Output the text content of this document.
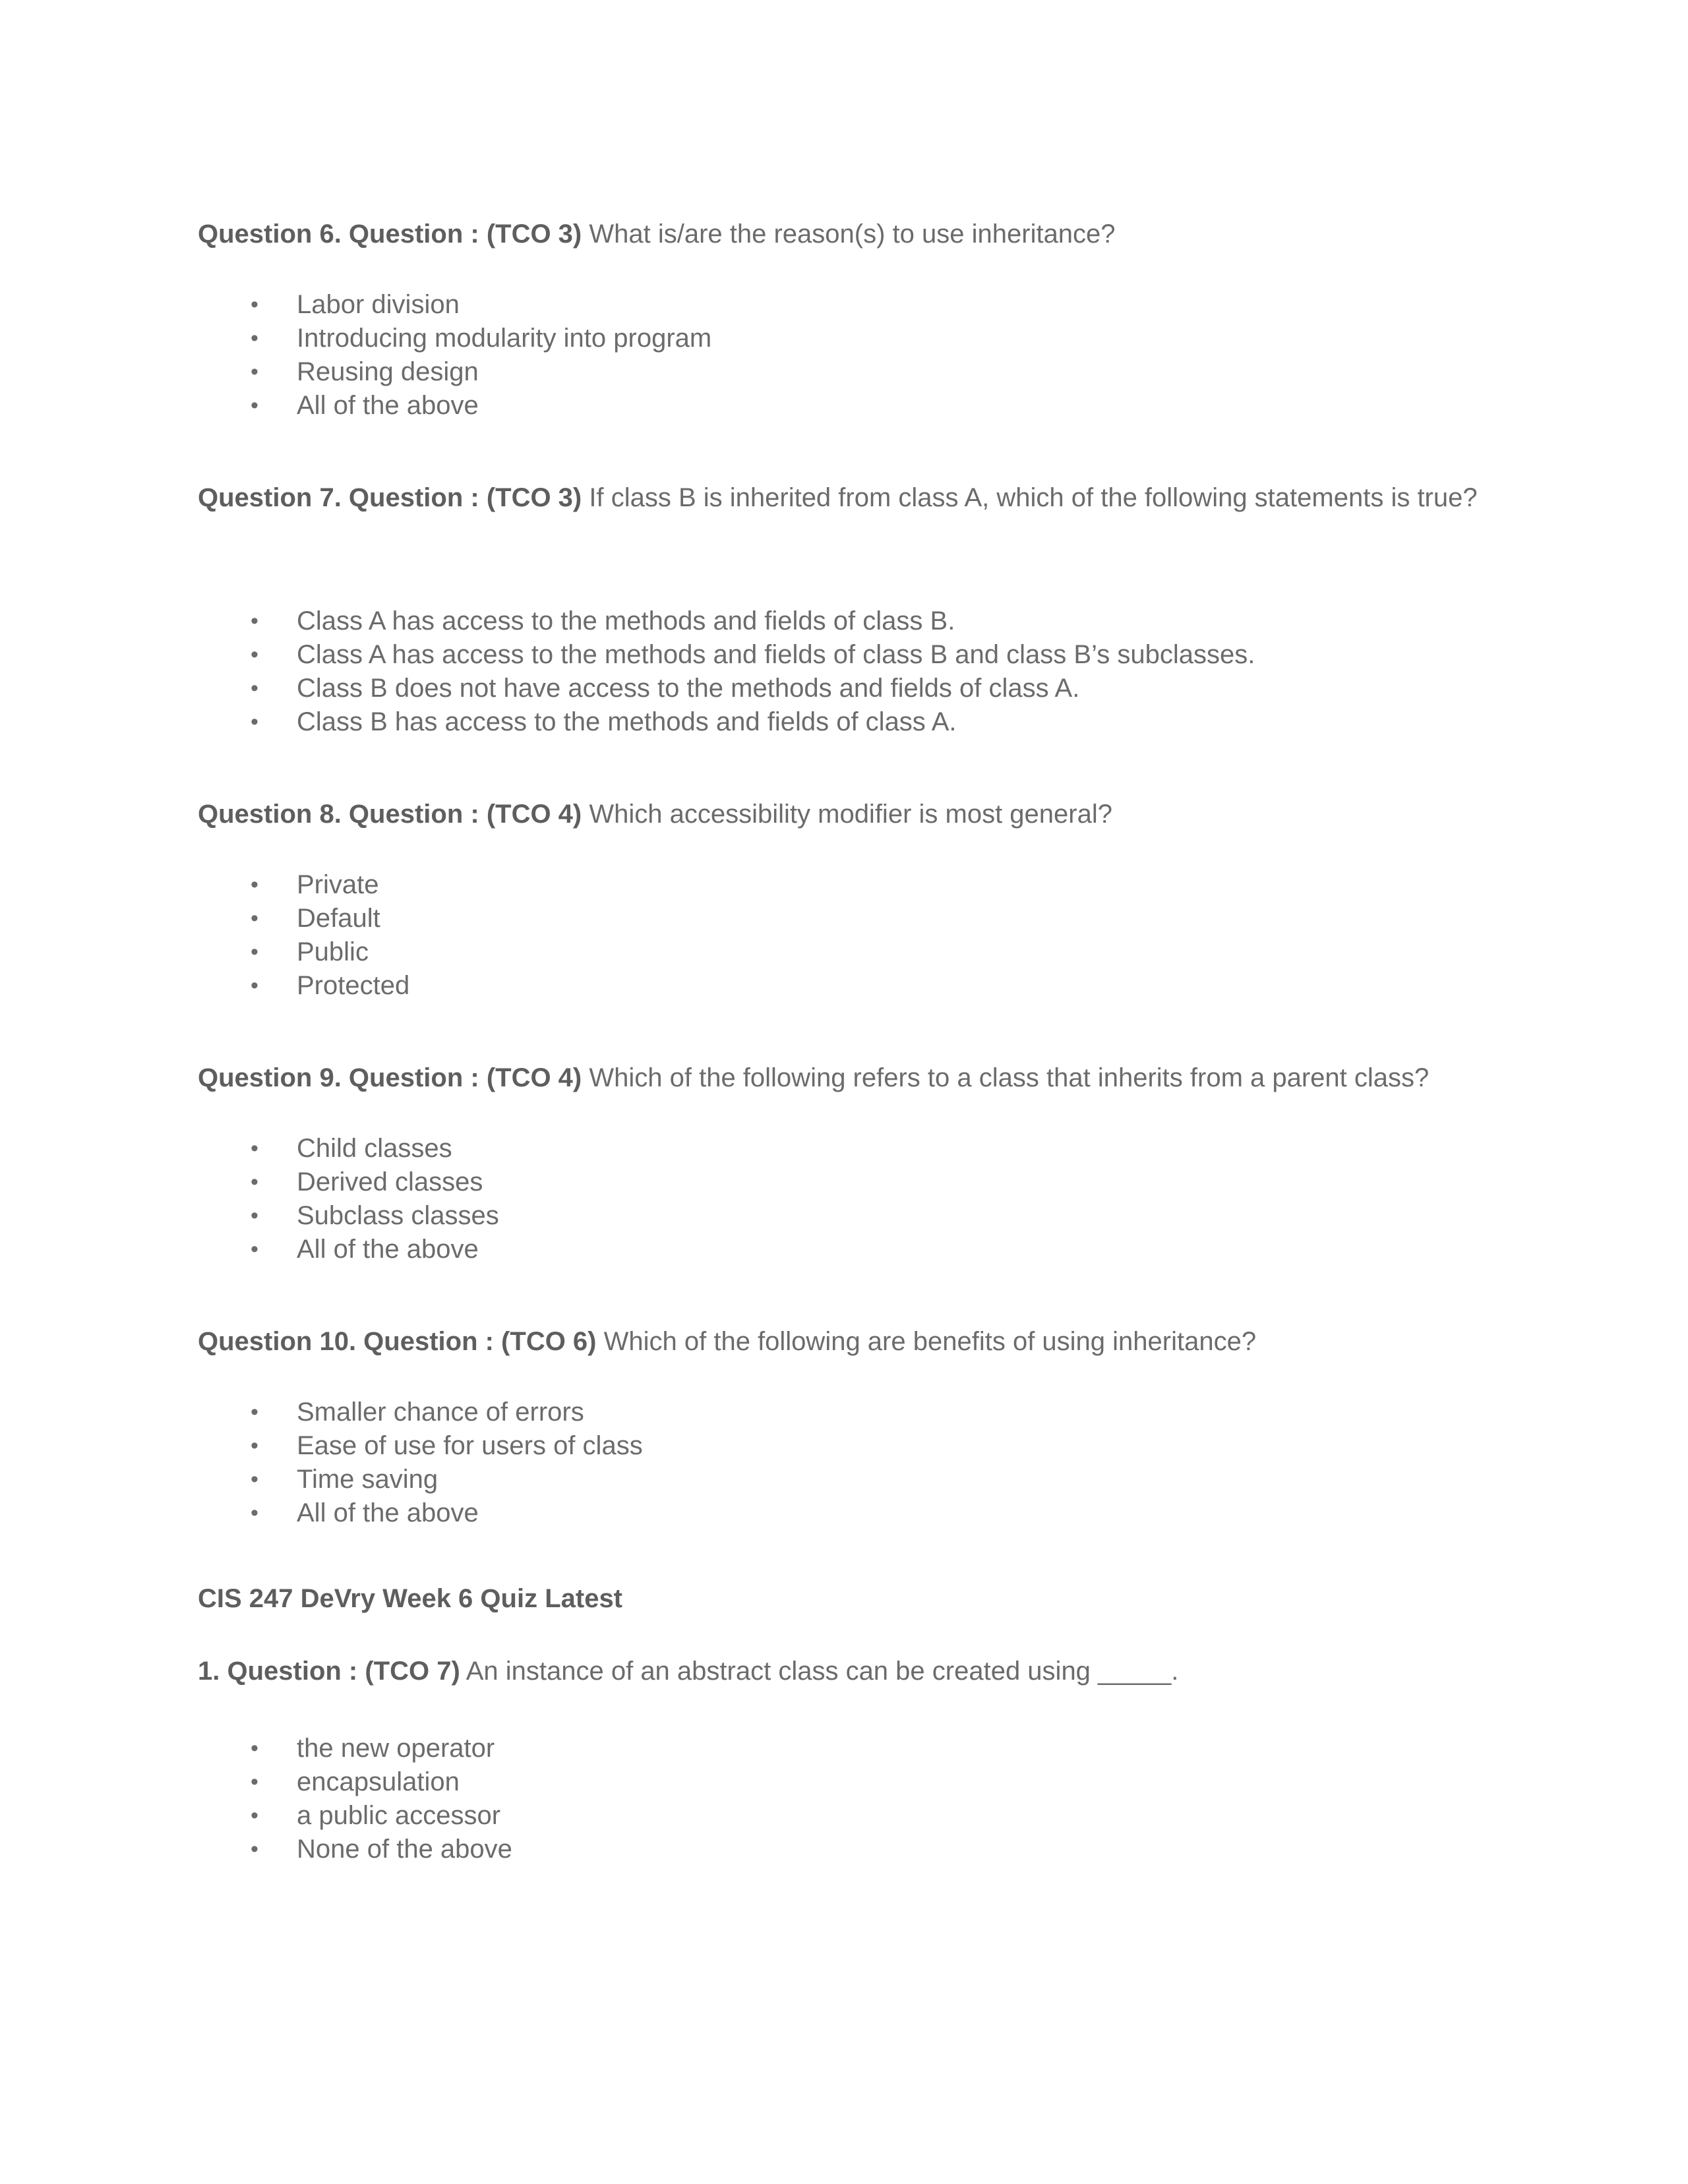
Question 6. Question : (TCO 3) What is/are the reason(s) to use inheritance?

•	Labor division
•	Introducing modularity into program
•	Reusing design
•	All of the above

Question 7. Question : (TCO 3) If class B is inherited from class A, which of the following statements is true?

•	Class A has access to the methods and fields of class B.
•	Class A has access to the methods and fields of class B and class B’s subclasses.
•	Class B does not have access to the methods and fields of class A.
•	Class B has access to the methods and fields of class A.

Question 8. Question : (TCO 4) Which accessibility modifier is most general?

•	Private
•	Default
•	Public
•	Protected

Question 9. Question : (TCO 4) Which of the following refers to a class that inherits from a parent class?

•	Child classes
•	Derived classes
•	Subclass classes
•	All of the above

Question 10. Question : (TCO 6) Which of the following are benefits of using inheritance?

•	Smaller chance of errors
•	Ease of use for users of class
•	Time saving
•	All of the above

CIS 247 DeVry Week 6 Quiz Latest

1. Question : (TCO 7) An instance of an abstract class can be created using _____.

•	the new operator
•	encapsulation
•	a public accessor
•	None of the above
